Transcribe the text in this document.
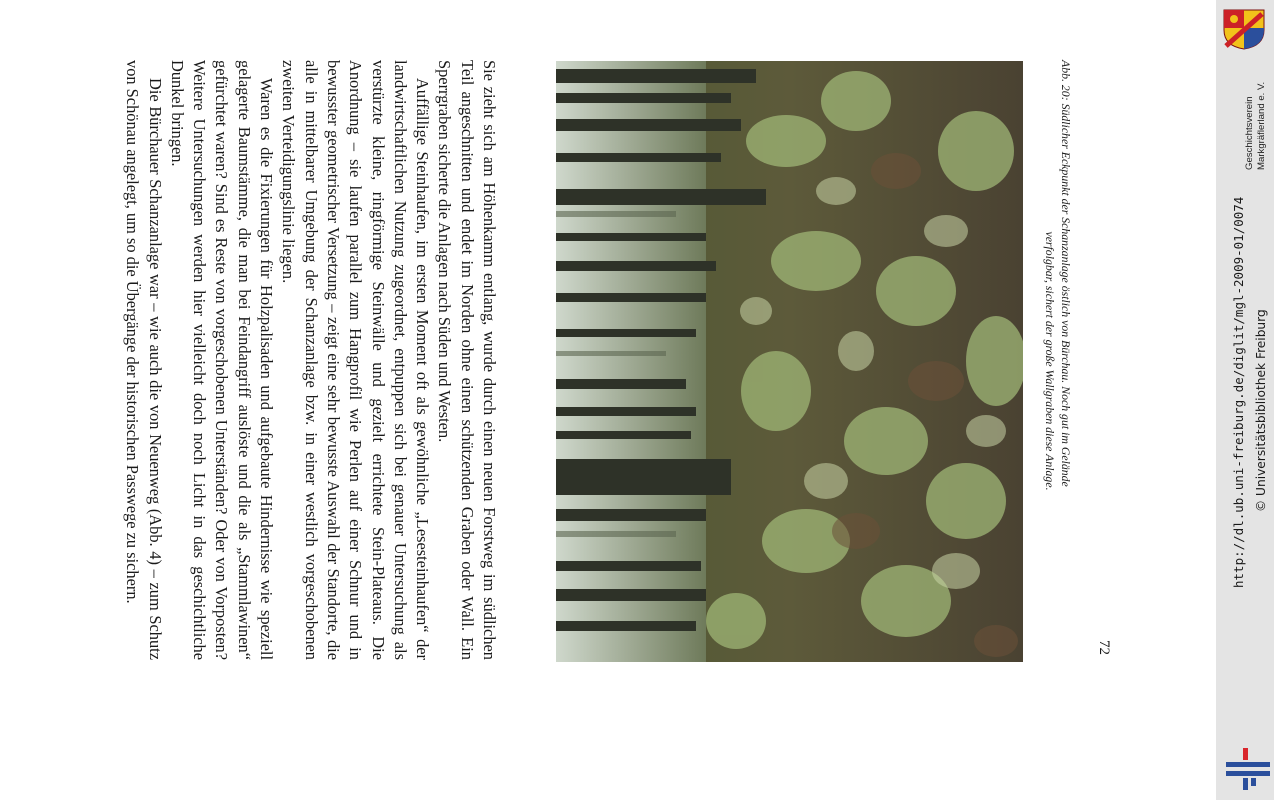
Sie zieht sich am Höhenkamm entlang, wurde durch einen neuen Forstweg im südlichen Teil angeschnitten und endet im Norden ohne einen schützenden Graben oder Wall. Ein Sperrgraben sicherte die Anlagen nach Süden und Westen.

Auffällige Steinhaufen, im ersten Moment oft als gewöhnliche „Lesesteinhaufen“ der landwirtschaftlichen Nutzung zugeordnet, entpuppen sich bei genauer Untersuchung als verstürzte kleine, ringförmige Steinwälle und gezielt errichtete Stein-Plateaus. Die Anordnung – sie laufen parallel zum Hangprofil wie Perlen auf einer Schnur und in bewusster geometrischer Versetzung – zeigt eine sehr bewusste Auswahl der Standorte, die alle in mittelbarer Umgebung der Schanzanlage bzw. in einer westlich vorgeschobenen zweiten Verteidigungslinie liegen.

Waren es die Fixierungen für Holzpalisaden und aufgebaute Hindernisse wie speziell gelagerte Baumstämme, die man bei Feindangriff auslöste und die als „Stammlawinen“ gefürchtet waren? Sind es Reste von vorgeschobenen Unterständen? Oder von Vorposten? Weitere Untersuchungen werden hier vielleicht doch noch Licht in das geschichtliche Dunkel bringen.

Die Bürchauer Schanzanlage war – wie auch die von Neuenweg (Abb. 4) – zum Schutz von Schönau angelegt, um so die Übergänge der historischen Passwege zu sichern.	Abb. 20: Südlicher Eckpunkt der Schanzanlage östlich von Bürchau. Noch gut im Gelände
verfolgbar, sichert der große Wallgraben diese Anlage.
72
Geschichtsverein Markgräflerland e. V.
http://dl.ub.uni-freiburg.de/diglit/mgl-2009-01/0074 © Universitätsbibliothek Freiburg
